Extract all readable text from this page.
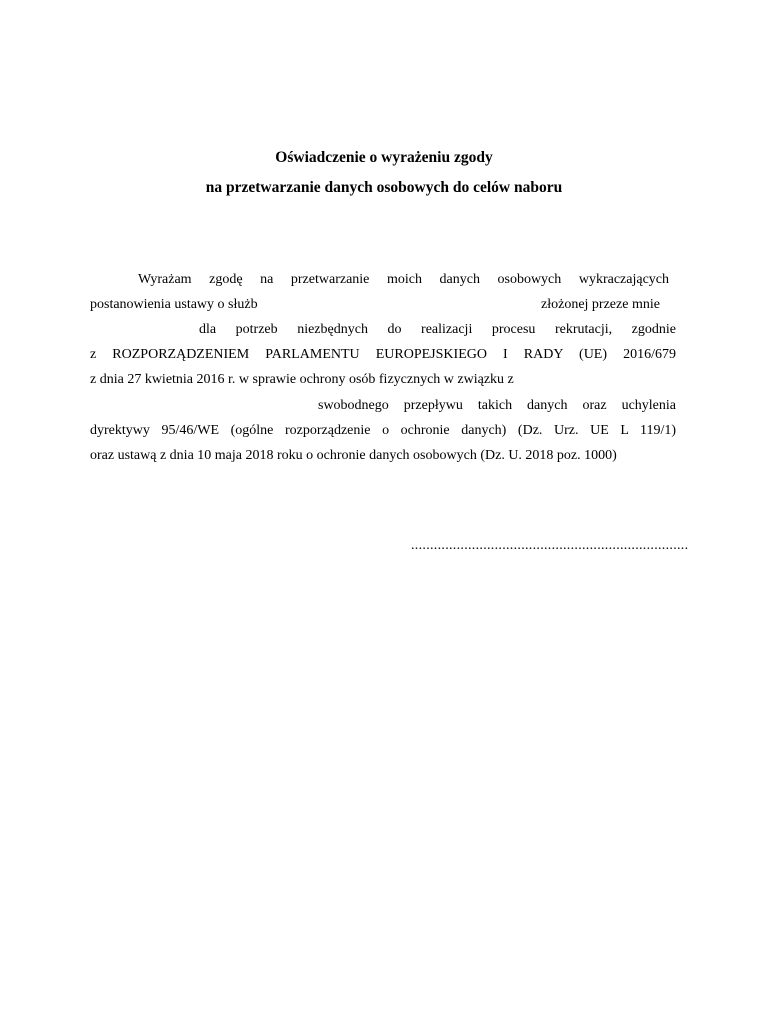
Oświadczenie o wyrażeniu zgody
na przetwarzanie danych osobowych do celów naboru
Wyrażam zgodę na przetwarzanie moich danych osobowych wykraczających
postanowienia ustawy o służb	złożonej przeze mnie
dla potrzeb niezbędnych do realizacji procesu rekrutacji, zgodnie
z ROZPORZĄDZENIEM PARLAMENTU EUROPEJSKIEGO I RADY (UE) 2016/679
z dnia 27 kwietnia 2016 r. w sprawie ochrony osób fizycznych w związku z
swobodnego przepływu takich danych oraz uchylenia
dyrektywy 95/46/WE (ogólne rozporządzenie o ochronie danych) (Dz. Urz. UE L 119/1)
oraz ustawą z dnia 10 maja 2018 roku o ochronie danych osobowych (Dz. U. 2018 poz. 1000)
.........................................................................
